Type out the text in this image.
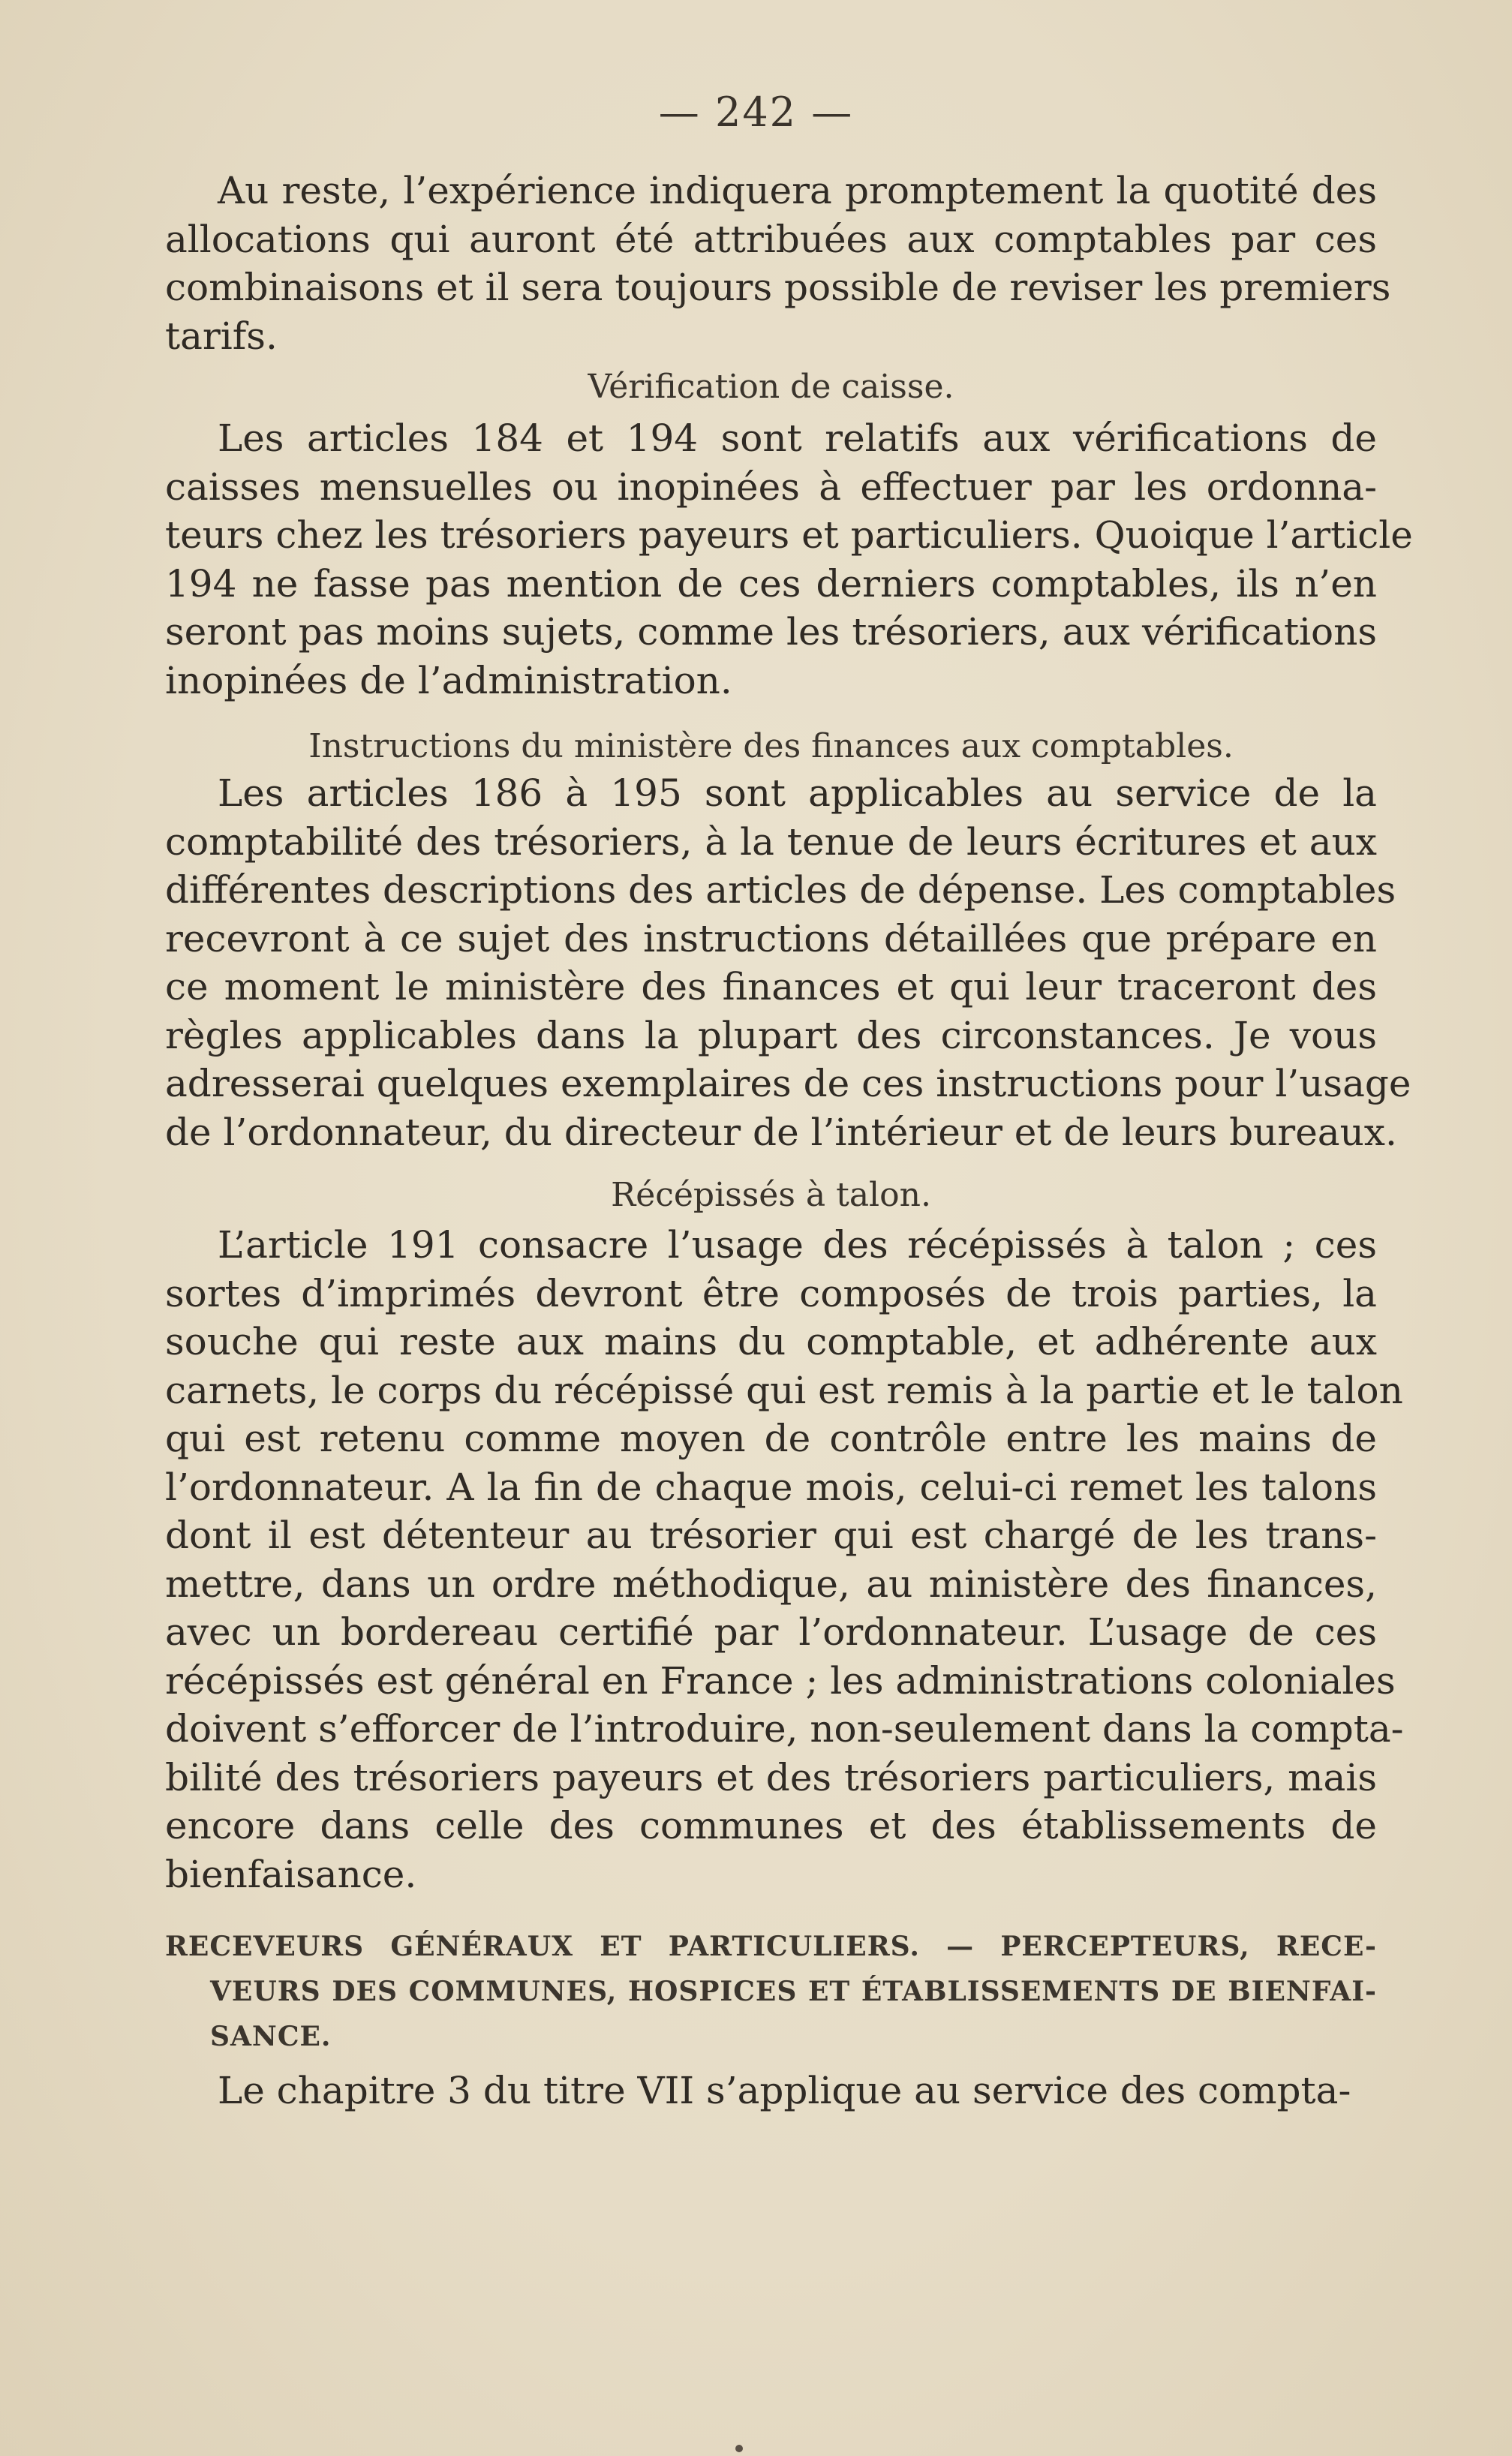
— 242 —

Au reste, l’expérience indiquera promptement la quotité des
allocations qui auront été attribuées aux comptables par ces
combinaisons et il sera toujours possible de reviser les premiers
tarifs.

Vérification de caisse.

Les articles 184 et 194 sont relatifs aux vérifications de
caisses mensuelles ou inopinées à effectuer par les ordonna-
teurs chez les trésoriers payeurs et particuliers. Quoique l’article
194 ne fasse pas mention de ces derniers comptables, ils n’en
seront pas moins sujets, comme les trésoriers, aux vérifications
inopinées de l’administration.

Instructions du ministère des finances aux comptables.

Les articles 186 à 195 sont applicables au service de la
comptabilité des trésoriers, à la tenue de leurs écritures et aux
différentes descriptions des articles de dépense. Les comptables
recevront à ce sujet des instructions détaillées que prépare en
ce moment le ministère des finances et qui leur traceront des
règles applicables dans la plupart des circonstances. Je vous
adresserai quelques exemplaires de ces instructions pour l’usage
de l’ordonnateur, du directeur de l’intérieur et de leurs bureaux.

Récépissés à talon.

L’article 191 consacre l’usage des récépissés à talon ; ces
sortes d’imprimés devront être composés de trois parties, la
souche qui reste aux mains du comptable, et adhérente aux
carnets, le corps du récépissé qui est remis à la partie et le talon
qui est retenu comme moyen de contrôle entre les mains de
l’ordonnateur. A la fin de chaque mois, celui-ci remet les talons
dont il est détenteur au trésorier qui est chargé de les trans-
mettre, dans un ordre méthodique, au ministère des finances,
avec un bordereau certifié par l’ordonnateur. L’usage de ces
récépissés est général en France ; les administrations coloniales
doivent s’efforcer de l’introduire, non-seulement dans la compta-
bilité des trésoriers payeurs et des trésoriers particuliers, mais
encore dans celle des communes et des établissements de
bienfaisance.

RECEVEURS GÉNÉRAUX ET PARTICULIERS. — PERCEPTEURS, RECE-
VEURS DES COMMUNES, HOSPICES ET ÉTABLISSEMENTS DE BIENFAI-
SANCE.

Le chapitre 3 du titre VII s’applique au service des compta-
